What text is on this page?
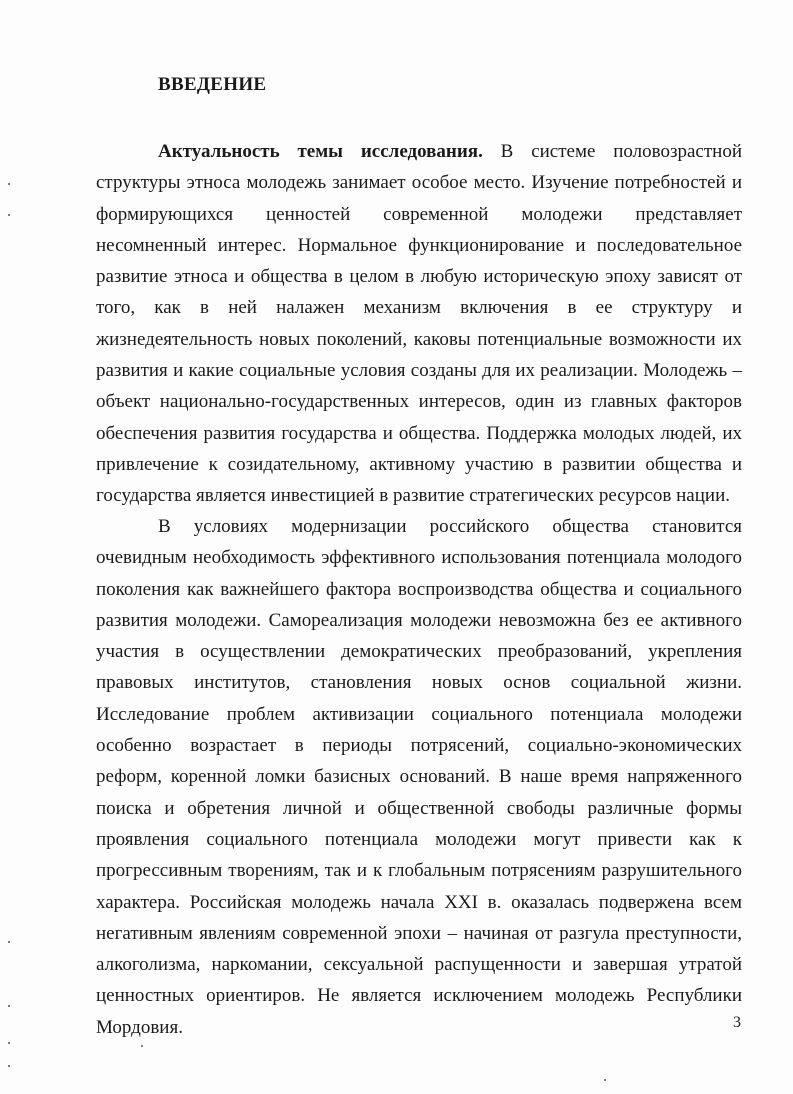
ВВЕДЕНИЕ
Актуальность темы исследования. В системе половозрастной структуры этноса молодежь занимает особое место. Изучение потребностей и формирующихся ценностей современной молодежи представляет несомненный интерес. Нормальное функционирование и последовательное развитие этноса и общества в целом в любую историческую эпоху зависят от того, как в ней налажен механизм включения в ее структуру и жизнедеятельность новых поколений, каковы потенциальные возможности их развития и какие социальные условия созданы для их реализации. Молодежь – объект национально-государственных интересов, один из главных факторов обеспечения развития государства и общества. Поддержка молодых людей, их привлечение к созидательному, активному участию в развитии общества и государства является инвестицией в развитие стратегических ресурсов нации.
В условиях модернизации российского общества становится очевидным необходимость эффективного использования потенциала молодого поколения как важнейшего фактора воспроизводства общества и социального развития молодежи. Самореализация молодежи невозможна без ее активного участия в осуществлении демократических преобразований, укрепления правовых институтов, становления новых основ социальной жизни. Исследование проблем активизации социального потенциала молодежи особенно возрастает в периоды потрясений, социально-экономических реформ, коренной ломки базисных оснований. В наше время напряженного поиска и обретения личной и общественной свободы различные формы проявления социального потенциала молодежи могут привести как к прогрессивным творениям, так и к глобальным потрясениям разрушительного характера. Российская молодежь начала XXI в. оказалась подвержена всем негативным явлениям современной эпохи – начиная от разгула преступности, алкоголизма, наркомании, сексуальной распущенности и завершая утратой ценностных ориентиров. Не является исключением молодежь Республики Мордовия.	3
